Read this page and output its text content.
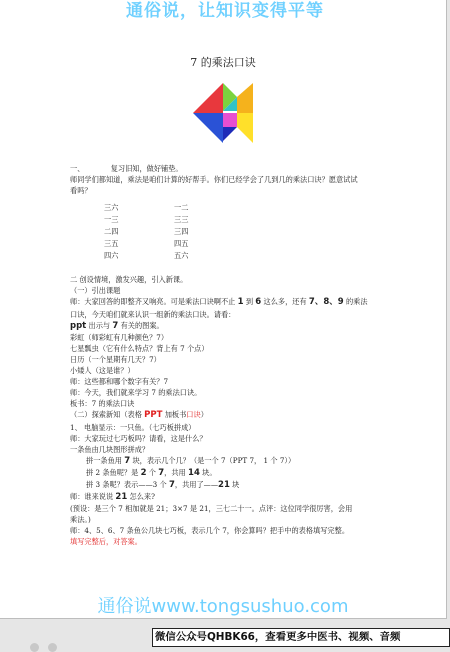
通俗说，让知识变得平等
7 的乘法口诀
一、	复习旧知，做好铺垫。
师同学们都知道，乘法是咱们计算的好帮手。你们已经学会了几到几的乘法口诀？愿意试试
看吗？
三六	一二
一三	三三
二四	三四
三五	四五
四六	五六
二 创设情境，激发兴趣，引入新课。
（一）引出课题
师：大家回答的即整齐又响亮。可是乘法口诀啊不止 1 到 6 这么多，还有 7、8、9 的乘法
口诀，今天咱们就来认识一组新的乘法口诀。请看：
ppt 出示与 7 有关的图案。
彩虹（师彩虹有几种颜色？7）
七星瓢虫（它有什么特点？背上有 7 个点）
日历（一个星期有几天？7）
小矮人（这是谁？）
师：这些都和哪个数字有关？7
师：今天，我们就来学习 7 的乘法口诀。
板书：7 的乘法口诀
（二）探索新知（表格 PPT 加板书口诀）
1、 电脑显示：一只鱼。（七巧板拼成）
师：大家玩过七巧板吗？请看，这是什么？
一条鱼由几块图形拼成？
拼一条鱼用 7 块，表示几个几？（是一个 7（PPT 7， 1 个 7））
拼 2 条鱼呢？是 2 个 7，共用 14 块。
拼 3 条呢？表示——3 个 7，共用了——21 块
师：谁来说说 21 怎么来?
(预设：是三个 7 相加就是 21；3×7 是 21，三七二十一。点评：这位同学很厉害，会用
乘法。)
师：4、5、6、7 条鱼公几块七巧板，表示几个 7，你会算吗？把手中的表格填写完整。
填写完整后，对答案。
通俗说www.tongsushuo.com
微信公众号QHBK66，查看更多中医书、视频、音频
